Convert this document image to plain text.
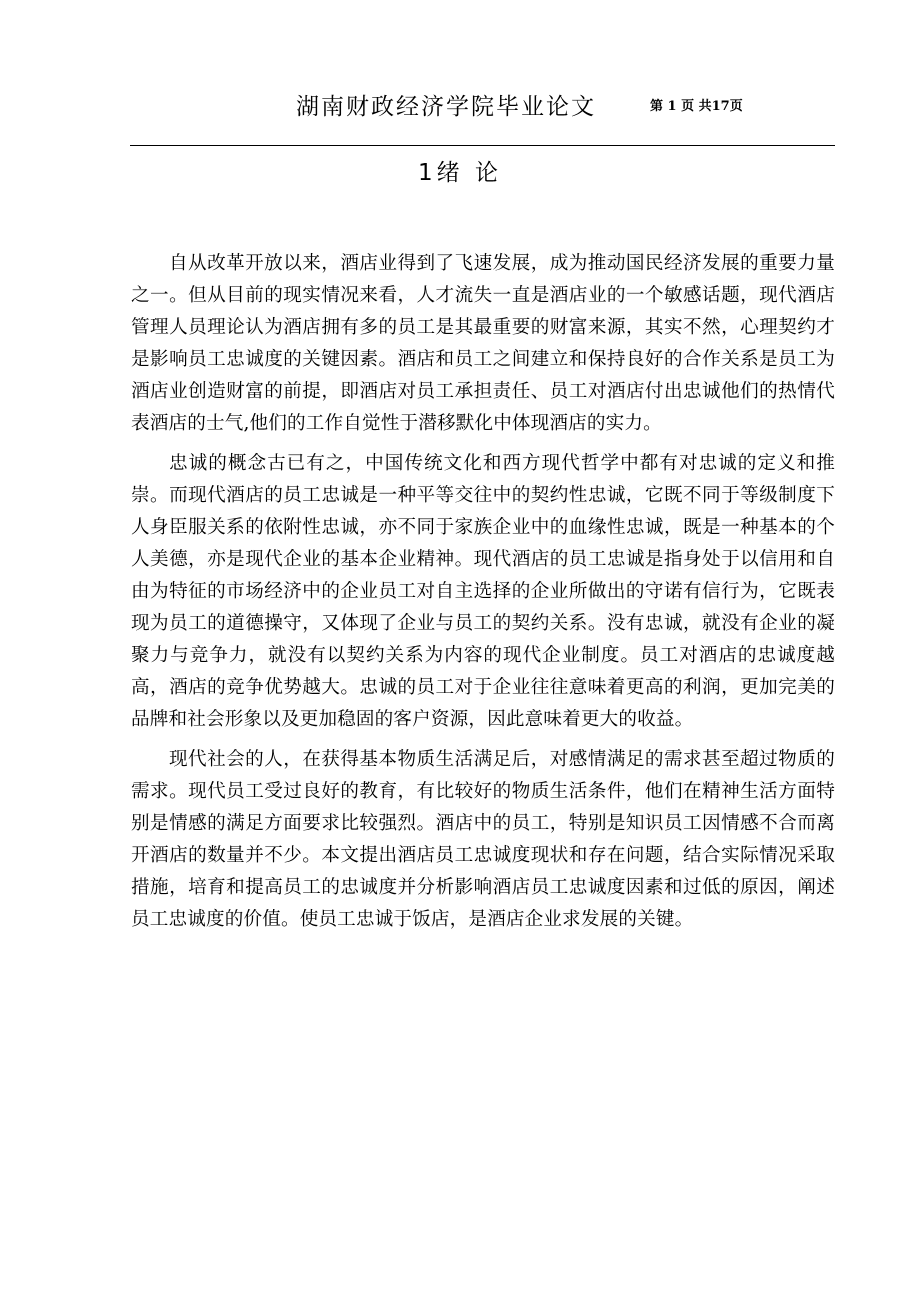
湖南财政经济学院毕业论文	第 1 页 共17页
1绪 论

自从改革开放以来，酒店业得到了飞速发展，成为推动国民经济发展的重要力量之一。但从目前的现实情况来看，人才流失一直是酒店业的一个敏感话题，现代酒店管理人员理论认为酒店拥有多的员工是其最重要的财富来源，其实不然，心理契约才是影响员工忠诚度的关键因素。酒店和员工之间建立和保持良好的合作关系是员工为酒店业创造财富的前提，即酒店对员工承担责任、员工对酒店付出忠诚他们的热情代表酒店的士气,他们的工作自觉性于潜移默化中体现酒店的实力。

忠诚的概念古已有之，中国传统文化和西方现代哲学中都有对忠诚的定义和推崇。而现代酒店的员工忠诚是一种平等交往中的契约性忠诚，它既不同于等级制度下人身臣服关系的依附性忠诚，亦不同于家族企业中的血缘性忠诚，既是一种基本的个人美德，亦是现代企业的基本企业精神。现代酒店的员工忠诚是指身处于以信用和自由为特征的市场经济中的企业员工对自主选择的企业所做出的守诺有信行为，它既表现为员工的道德操守，又体现了企业与员工的契约关系。没有忠诚，就没有企业的凝聚力与竞争力，就没有以契约关系为内容的现代企业制度。员工对酒店的忠诚度越高，酒店的竞争优势越大。忠诚的员工对于企业往往意味着更高的利润，更加完美的品牌和社会形象以及更加稳固的客户资源，因此意味着更大的收益。

现代社会的人，在获得基本物质生活满足后，对感情满足的需求甚至超过物质的需求。现代员工受过良好的教育，有比较好的物质生活条件，他们在精神生活方面特别是情感的满足方面要求比较强烈。酒店中的员工，特别是知识员工因情感不合而离开酒店的数量并不少。本文提出酒店员工忠诚度现状和存在问题，结合实际情况采取措施，培育和提高员工的忠诚度并分析影响酒店员工忠诚度因素和过低的原因，阐述员工忠诚度的价值。使员工忠诚于饭店，是酒店企业求发展的关键。
